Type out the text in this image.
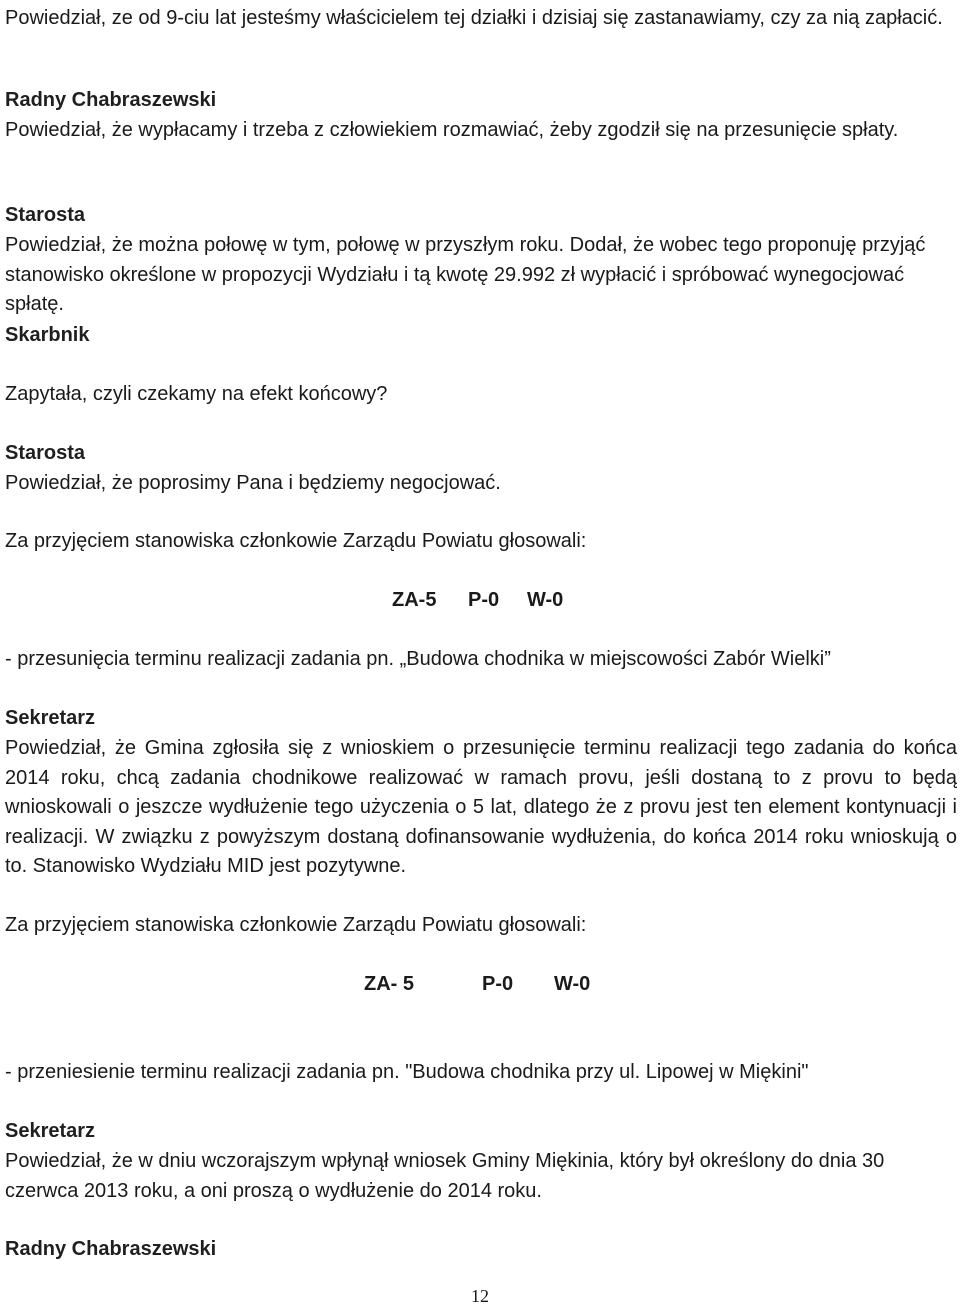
Powiedział, ze od 9-ciu lat jesteśmy właścicielem tej działki i dzisiaj się zastanawiamy, czy za nią zapłacić.

Radny Chabraszewski

Powiedział, że wypłacamy i trzeba z człowiekiem rozmawiać, żeby zgodził się na przesunięcie spłaty.

Starosta

Powiedział, że można połowę w tym, połowę w przyszłym roku. Dodał, że wobec tego proponuję przyjąć stanowisko określone w propozycji Wydziału i tą kwotę 29.992 zł wypłacić i spróbować wynegocjować spłatę.

Skarbnik

Zapytała, czyli czekamy na efekt końcowy?

Starosta

Powiedział, że poprosimy Pana i będziemy negocjować.

Za przyjęciem stanowiska członkowie Zarządu Powiatu głosowali:

ZA-5 P-0 W-0

- przesunięcia terminu realizacji zadania pn. „Budowa chodnika w miejscowości Zabór Wielki”

Sekretarz

Powiedział, że Gmina zgłosiła się z wnioskiem o przesunięcie terminu realizacji tego zadania do końca 2014 roku, chcą zadania chodnikowe realizować w ramach provu, jeśli dostaną to z provu to będą wnioskowali o jeszcze wydłużenie tego użyczenia o 5 lat, dlatego że z provu jest ten element kontynuacji i realizacji. W związku z powyższym dostaną dofinansowanie wydłużenia, do końca 2014 roku wnioskują o to. Stanowisko Wydziału MID jest pozytywne.

Za przyjęciem stanowiska członkowie Zarządu Powiatu głosowali:

ZA- 5	P-0 W-0

- przeniesienie terminu realizacji zadania pn. "Budowa chodnika przy ul. Lipowej w Miękini"

Sekretarz

Powiedział, że w dniu wczorajszym wpłynął wniosek Gminy Miękinia, który był określony do dnia 30 czerwca 2013 roku, a oni proszą o wydłużenie do 2014 roku.

Radny Chabraszewski

12
